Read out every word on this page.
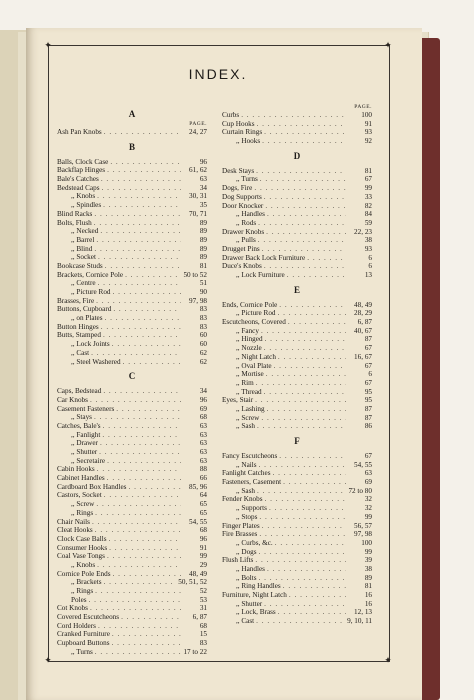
✦	✦
✦	✦
INDEX.
A
PAGE.
Ash Pan Knobs . . .	24, 27
B
Balls, Clock Case . . .	96
Backflap Hinges . . .	61, 62
Bale's Catches . . .	63
Bedstead Caps . . .	34
,, Knobs . . .	30, 31
,, Spindles . . .	35
Blind Racks . . .	70, 71
Bolts, Flush . . .	89
,, Necked . . .	89
,, Barrel . . .	89
,, Blind . . .	89
,, Socket . . .	89
Bookcase Studs . . .	81
Brackets, Cornice Pole . . .	50 to 52
,, Centre . . .	51
,, Picture Rod . . .	90
Brasses, Fire . . .	97, 98
Buttons, Cupboard . . .	83
,, on Plates . . .	83
Button Hinges . . .	83
Butts, Stamped . . .	60
,, Lock Joints . . .	60
,, Cast . . .	62
,, Steel Washered . . .	62
C
Caps, Bedstead . . .	34
Car Knobs . . .	96
Casement Fasteners . . .	69
,, Stays . . .	68
Catches, Bale's . . .	63
,, Fanlight . . .	63
,, Drawer . . .	63
,, Shutter . . .	63
,, Secretaire . . .	63
Cabin Hooks . . .	88
Cabinet Handles . . .	66
Cardboard Box Handles . . .	85, 96
Castors, Socket . . .	64
,, Screw . . .	65
,, Rings . . .	65
Chair Nails . . .	54, 55
Cleat Hooks . . .	68
Clock Case Balls . . .	96
Consumer Hooks . . .	91
Coal Vase Tongs . . .	99
,, Knobs . . .	29
Cornice Pole Ends . . .	48, 49
,, Brackets . . .	50, 51, 52
,, Rings . . .	52
Poles . . .	53
Cot Knobs . . .	31
Covered Escutcheons . . .	6, 87
Cord Holders . . .	68
Cranked Furniture . . .	15
Cupboard Buttons . . .	83
,, Turns . . .	17 to 22
PAGE.
Curbs . . .	100
Cup Hooks . . .	91
Curtain Rings . . .	93
,, Hooks . . .	92
D
Desk Stays . . .	81
,, Turns . . .	67
Dogs, Fire . . .	99
Dog Supports . . .	33
Door Knocker . . .	82
,, Handles . . .	84
,, Rods . . .	59
Drawer Knobs . . .	22, 23
,, Pulls . . .	38
Drugget Pins . . .	93
Drawer Back Lock Furniture . . .	6
Duce's Knobs . . .	6
,, Lock Furniture . . .	13
E
Ends, Cornice Pole . . .	48, 49
,, Picture Rod . . .	28, 29
Escutcheons, Covered . . .	6, 87
,, Fancy . . .	40, 67
,, Hinged . . .	87
,, Nozzle . . .	67
,, Night Latch . . .	16, 67
,, Oval Plate . . .	67
,, Mortise . . .	6
,, Rim . . .	67
,, Thread . . .	95
Eyes, Stair . . .	95
,, Lashing . . .	87
,, Screw . . .	87
,, Sash . . .	86
F
Fancy Escutcheons . . .	67
,, Nails . . .	54, 55
Fanlight Catches . . .	63
Fasteners, Casement . . .	69
,, Sash . . .	72 to 80
Fender Knobs . . .	32
,, Supports . . .	32
,, Stops . . .	99
Finger Plates . . .	56, 57
Fire Brasses . . .	97, 98
,, Curbs, &c. . . .	100
,, Dogs . . .	99
Flush Lifts . . .	39
,, Handles . . .	38
,, Bolts . . .	89
,, Ring Handles . . .	81
Furniture, Night Latch . . .	16
,, Shutter . . .	16
,, Lock, Brass . . .	12, 13
,, Cast . . .	9, 10, 11
